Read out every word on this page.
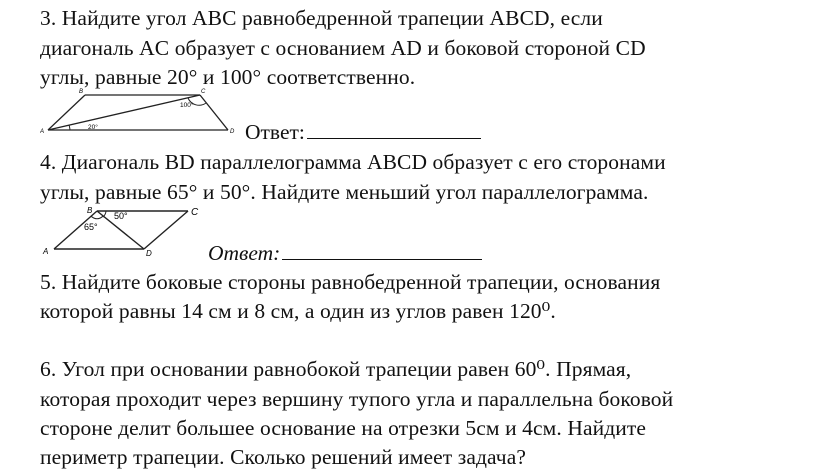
3. Найдите угол ABC равнобедренной трапеции ABCD, если
диагональ AC образует с основанием AD и боковой стороной CD
углы, равные 20° и 100° соответственно.
A
B	C
D
20°
100°
Ответ:
4. Диагональ BD параллелограмма ABCD образует с его сторонами
углы, равные 65° и 50°. Найдите меньший угол параллелограмма.
A
B	C
D
50°
65°
Ответ:
5. Найдите боковые стороны равнобедренной трапеции, основания
которой равны 14 см и 8 см, а один из углов равен 120⁰.
6. Угол при основании равнобокой трапеции равен 60⁰. Прямая,
которая проходит через вершину тупого угла и параллельна боковой
стороне делит большее основание на отрезки 5см и 4см. Найдите
периметр трапеции. Сколько решений имеет задача?
